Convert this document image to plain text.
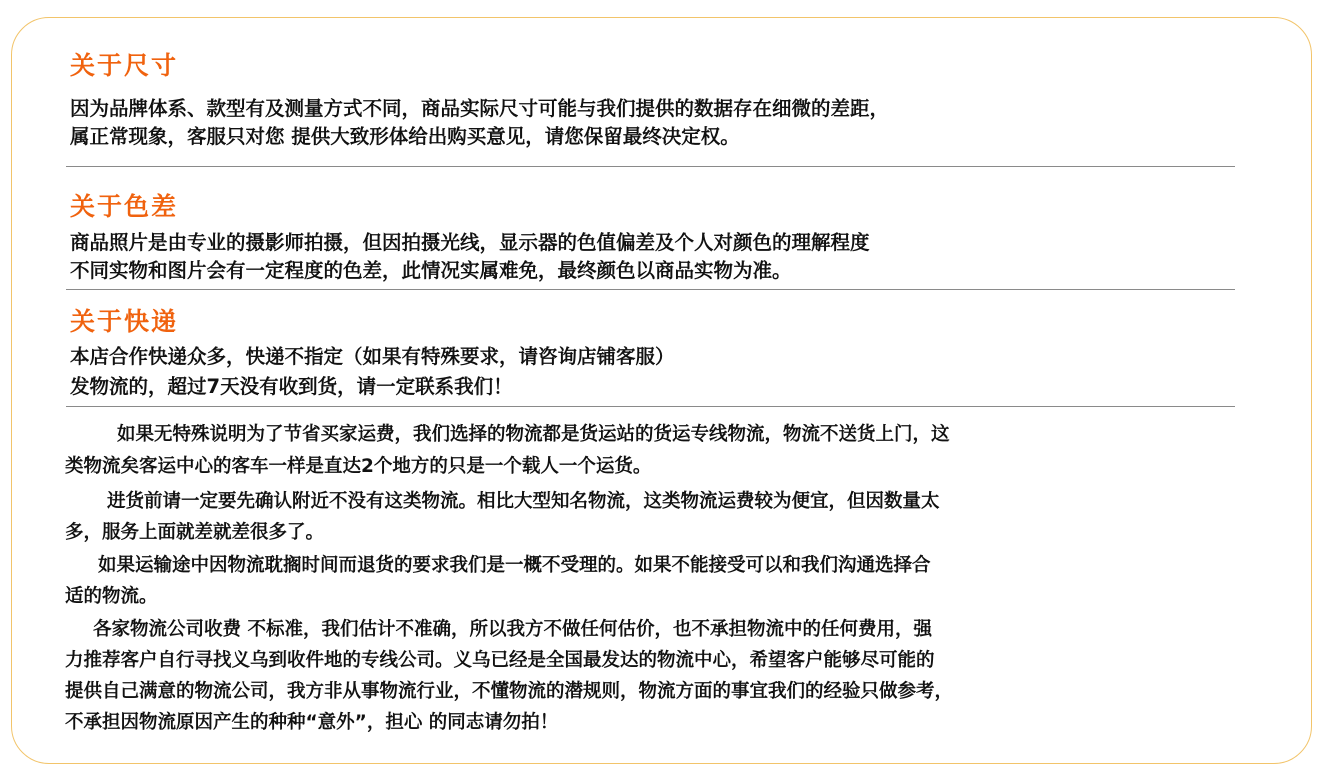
关于尺寸

因为品牌体系、款型有及测量方式不同，商品实际尺寸可能与我们提供的数据存在细微的差距，

属正常现象，客服只对您 提供大致形体给出购买意见，请您保留最终决定权。

关于色差

商品照片是由专业的摄影师拍摄，但因拍摄光线，显示器的色值偏差及个人对颜色的理解程度

不同实物和图片会有一定程度的色差，此情况实属难免，最终颜色以商品实物为准。

关于快递

本店合作快递众多，快递不指定（如果有特殊要求，请咨询店铺客服）

发物流的，超过7天没有收到货，请一定联系我们！

如果无特殊说明为了节省买家运费，我们选择的物流都是货运站的货运专线物流，物流不送货上门，这

类物流矣客运中心的客车一样是直达2个地方的只是一个载人一个运货。

进货前请一定要先确认附近不没有这类物流。相比大型知名物流，这类物流运费较为便宜，但因数量太

多，服务上面就差就差很多了。

如果运输途中因物流耽搁时间而退货的要求我们是一概不受理的。如果不能接受可以和我们沟通选择合

适的物流。

各家物流公司收费 不标准，我们估计不准确，所以我方不做任何估价，也不承担物流中的任何费用，强

力推荐客户自行寻找义乌到收件地的专线公司。义乌已经是全国最发达的物流中心，希望客户能够尽可能的

提供自己满意的物流公司，我方非从事物流行业，不懂物流的潜规则，物流方面的事宜我们的经验只做参考，

不承担因物流原因产生的种种“意外”，担心 的同志请勿拍！
